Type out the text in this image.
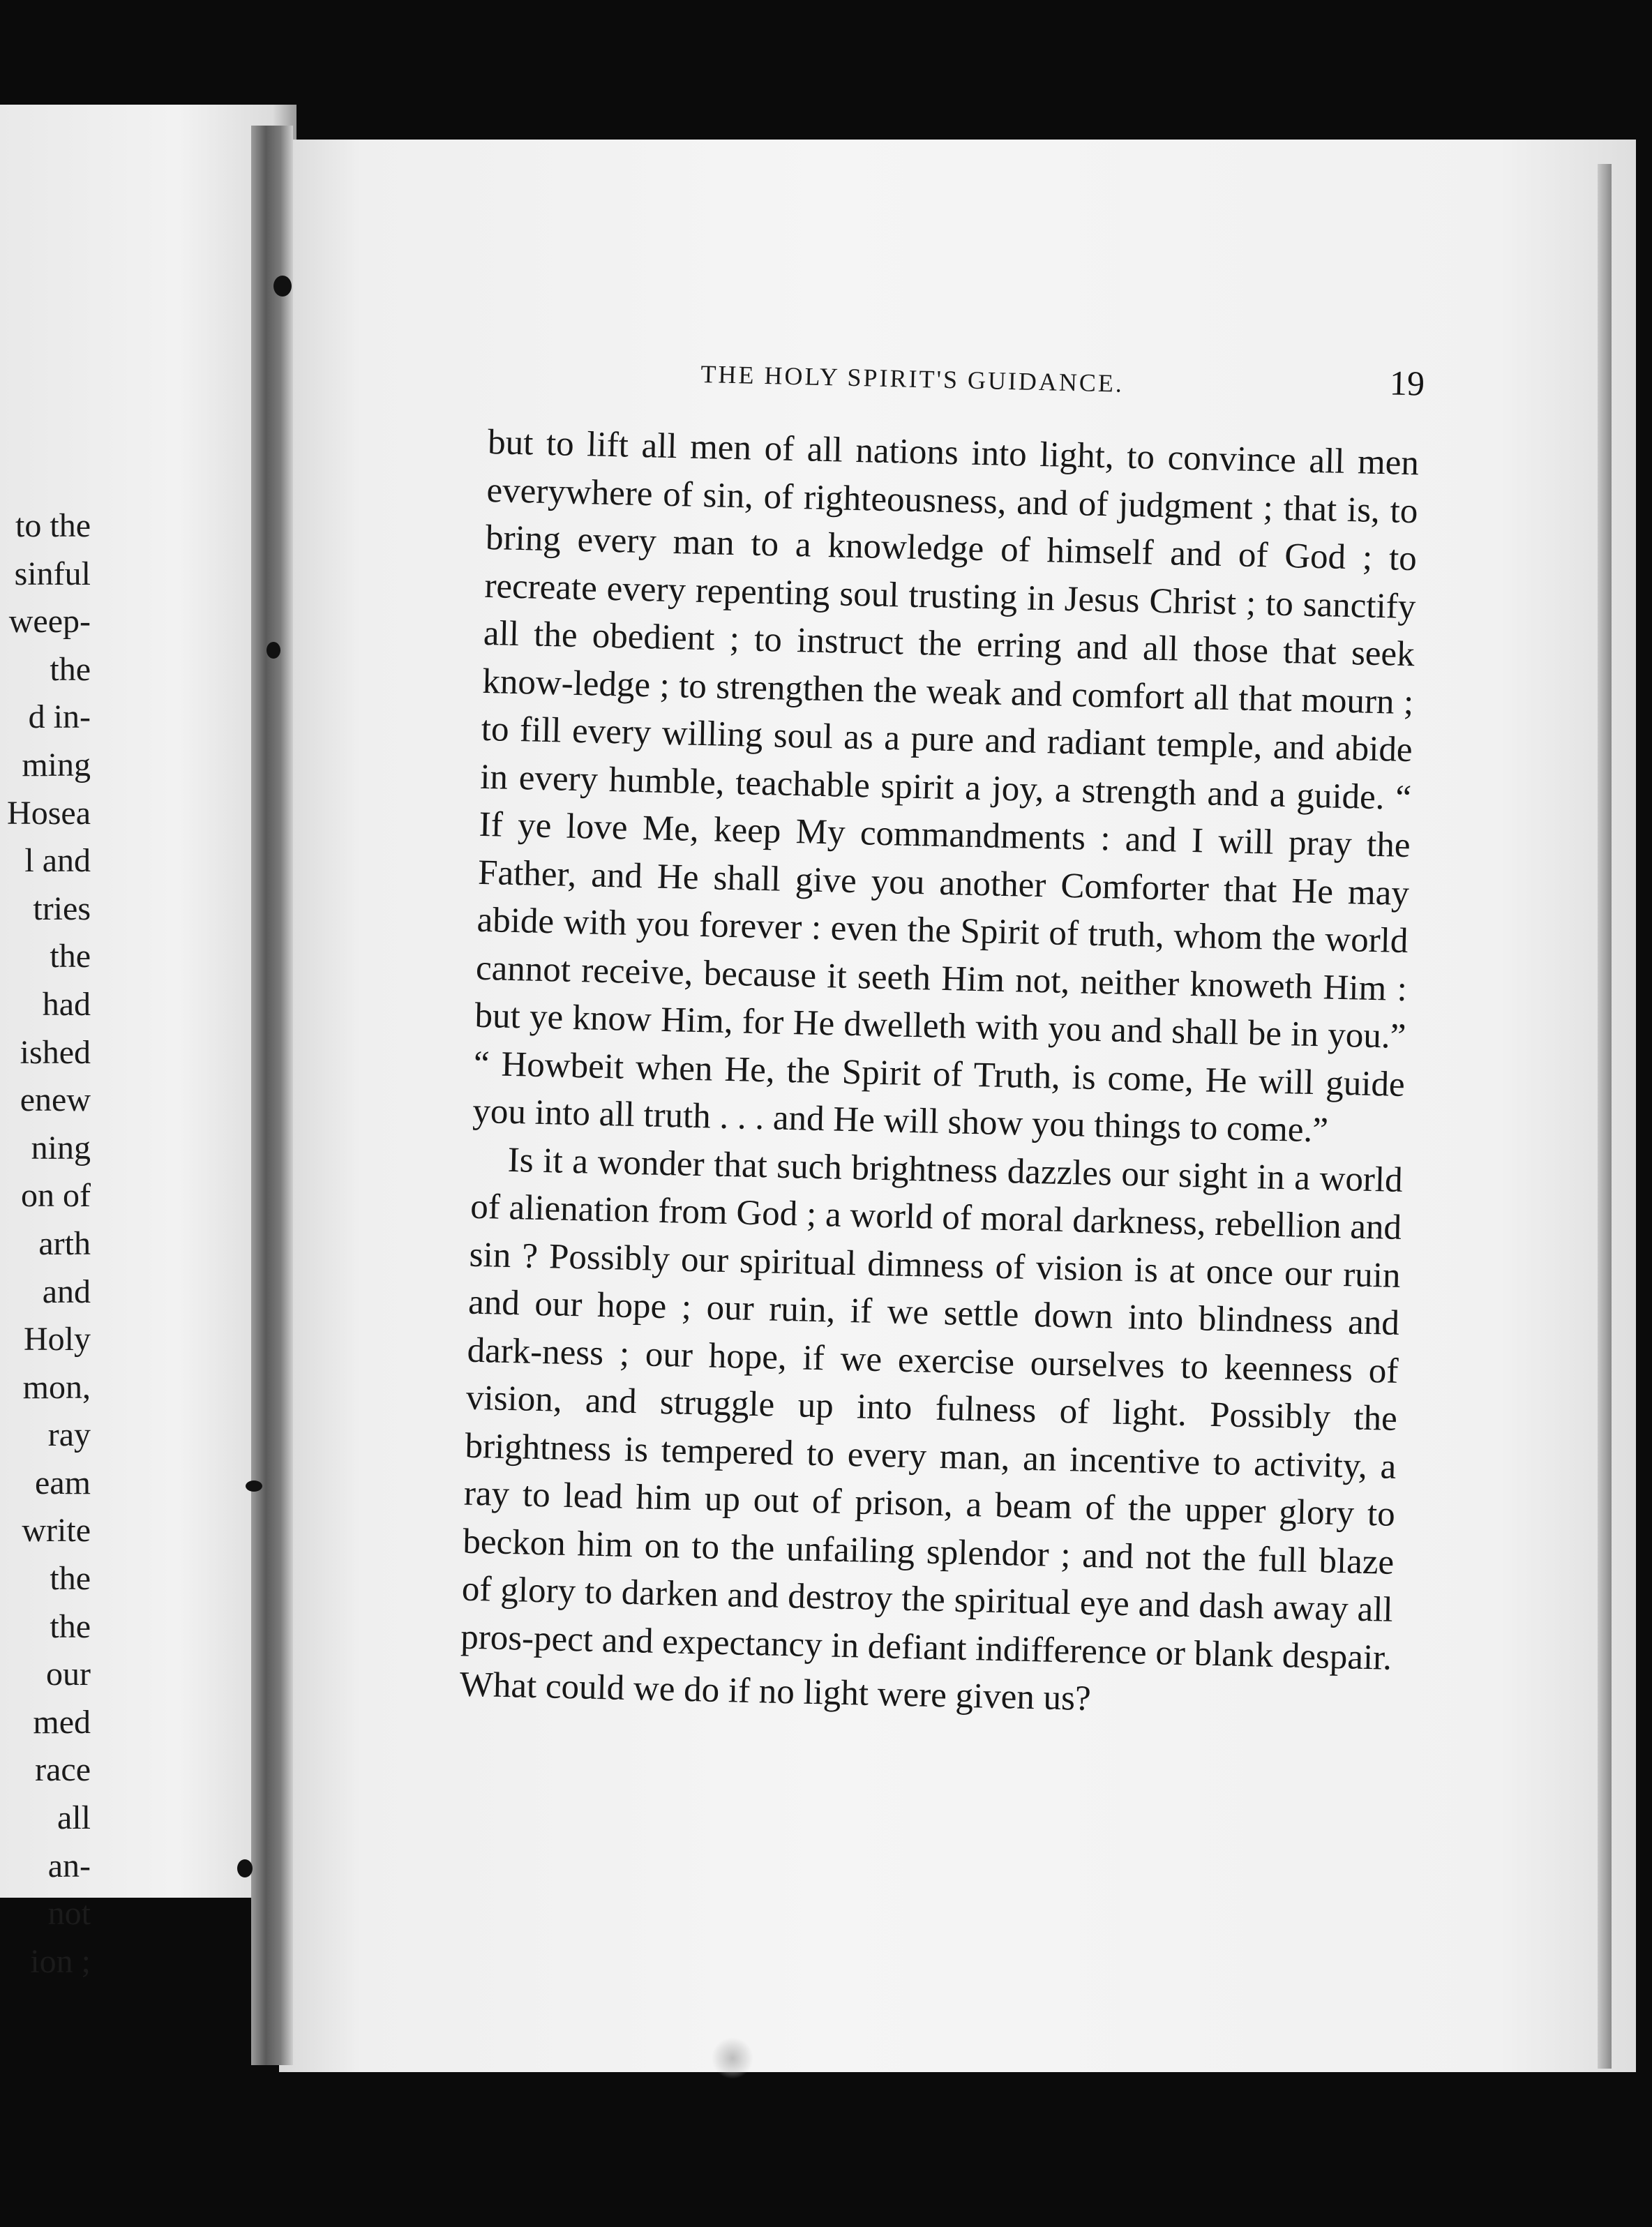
to the
sinful
weep-
the
d in-
ming
Hosea
l and
tries
the
had
ished
enew
ning
on of
arth
and
Holy
mon,
ray
eam
write
the
the
our
med
race
all
an-
not
ion ;
THE HOLY SPIRIT'S GUIDANCE.	19

but to lift all men of all nations into light, to convince all men everywhere of sin, of righteousness, and of judgment ; that is, to bring every man to a knowledge of himself and of God ; to recreate every repenting soul trusting in Jesus Christ ; to sanctify all the obedient ; to instruct the erring and all those that seek know-ledge ; to strengthen the weak and comfort all that mourn ; to fill every willing soul as a pure and radiant temple, and abide in every humble, teachable spirit a joy, a strength and a guide. “ If ye love Me, keep My commandments : and I will pray the Father, and He shall give you another Comforter that He may abide with you forever : even the Spirit of truth, whom the world cannot receive, because it seeth Him not, neither knoweth Him : but ye know Him, for He dwelleth with you and shall be in you.” “ Howbeit when He, the Spirit of Truth, is come, He will guide you into all truth . . . and He will show you things to come.”

Is it a wonder that such brightness dazzles our sight in a world of alienation from God ; a world of moral darkness, rebellion and sin ? Possibly our spiritual dimness of vision is at once our ruin and our hope ; our ruin, if we settle down into blindness and dark-ness ; our hope, if we exercise ourselves to keenness of vision, and struggle up into fulness of light. Possibly the brightness is tempered to every man, an incentive to activity, a ray to lead him up out of prison, a beam of the upper glory to beckon him on to the unfailing splendor ; and not the full blaze of glory to darken and destroy the spiritual eye and dash away all pros-pect and expectancy in defiant indifference or blank despair. What could we do if no light were given us?
